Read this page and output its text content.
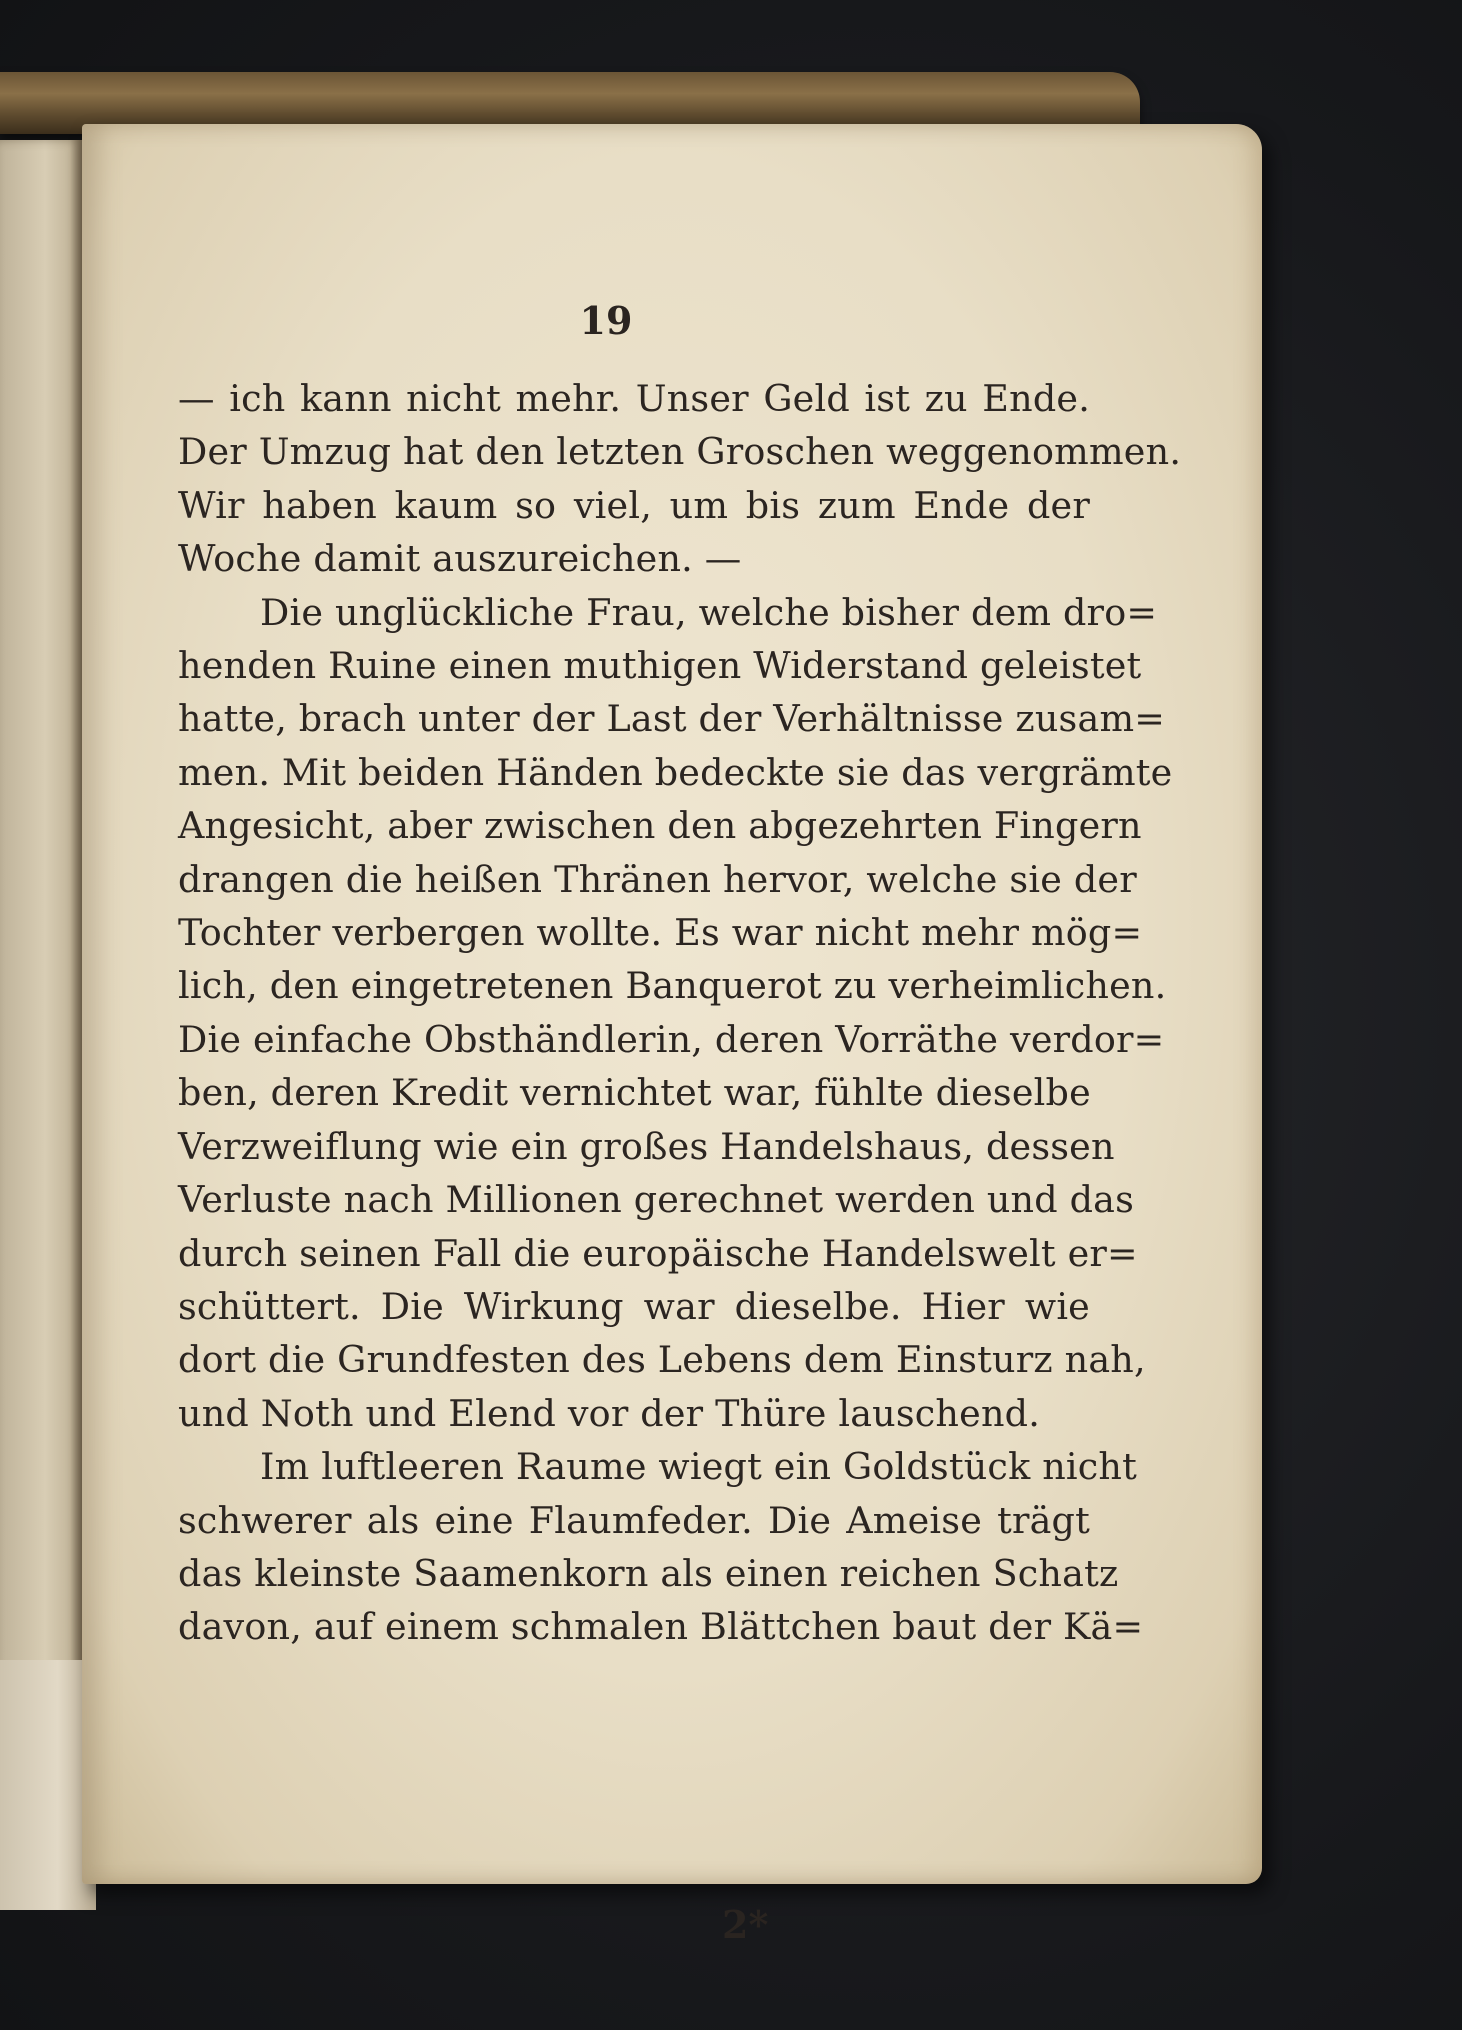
19
— ich kann nicht mehr. Unser Geld ist zu Ende.
Der Umzug hat den letzten Groschen weggenommen.
Wir haben kaum so viel, um bis zum Ende der
Woche damit auszureichen. —
Die unglückliche Frau, welche bisher dem dro=
henden Ruine einen muthigen Widerstand geleistet
hatte, brach unter der Last der Verhältnisse zusam=
men. Mit beiden Händen bedeckte sie das vergrämte
Angesicht, aber zwischen den abgezehrten Fingern
drangen die heißen Thränen hervor, welche sie der
Tochter verbergen wollte. Es war nicht mehr mög=
lich, den eingetretenen Banquerot zu verheimlichen.
Die einfache Obsthändlerin, deren Vorräthe verdor=
ben, deren Kredit vernichtet war, fühlte dieselbe
Verzweiflung wie ein großes Handelshaus, dessen
Verluste nach Millionen gerechnet werden und das
durch seinen Fall die europäische Handelswelt er=
schüttert. Die Wirkung war dieselbe. Hier wie
dort die Grundfesten des Lebens dem Einsturz nah,
und Noth und Elend vor der Thüre lauschend.
Im luftleeren Raume wiegt ein Goldstück nicht
schwerer als eine Flaumfeder. Die Ameise trägt
das kleinste Saamenkorn als einen reichen Schatz
davon, auf einem schmalen Blättchen baut der Kä=
2*
